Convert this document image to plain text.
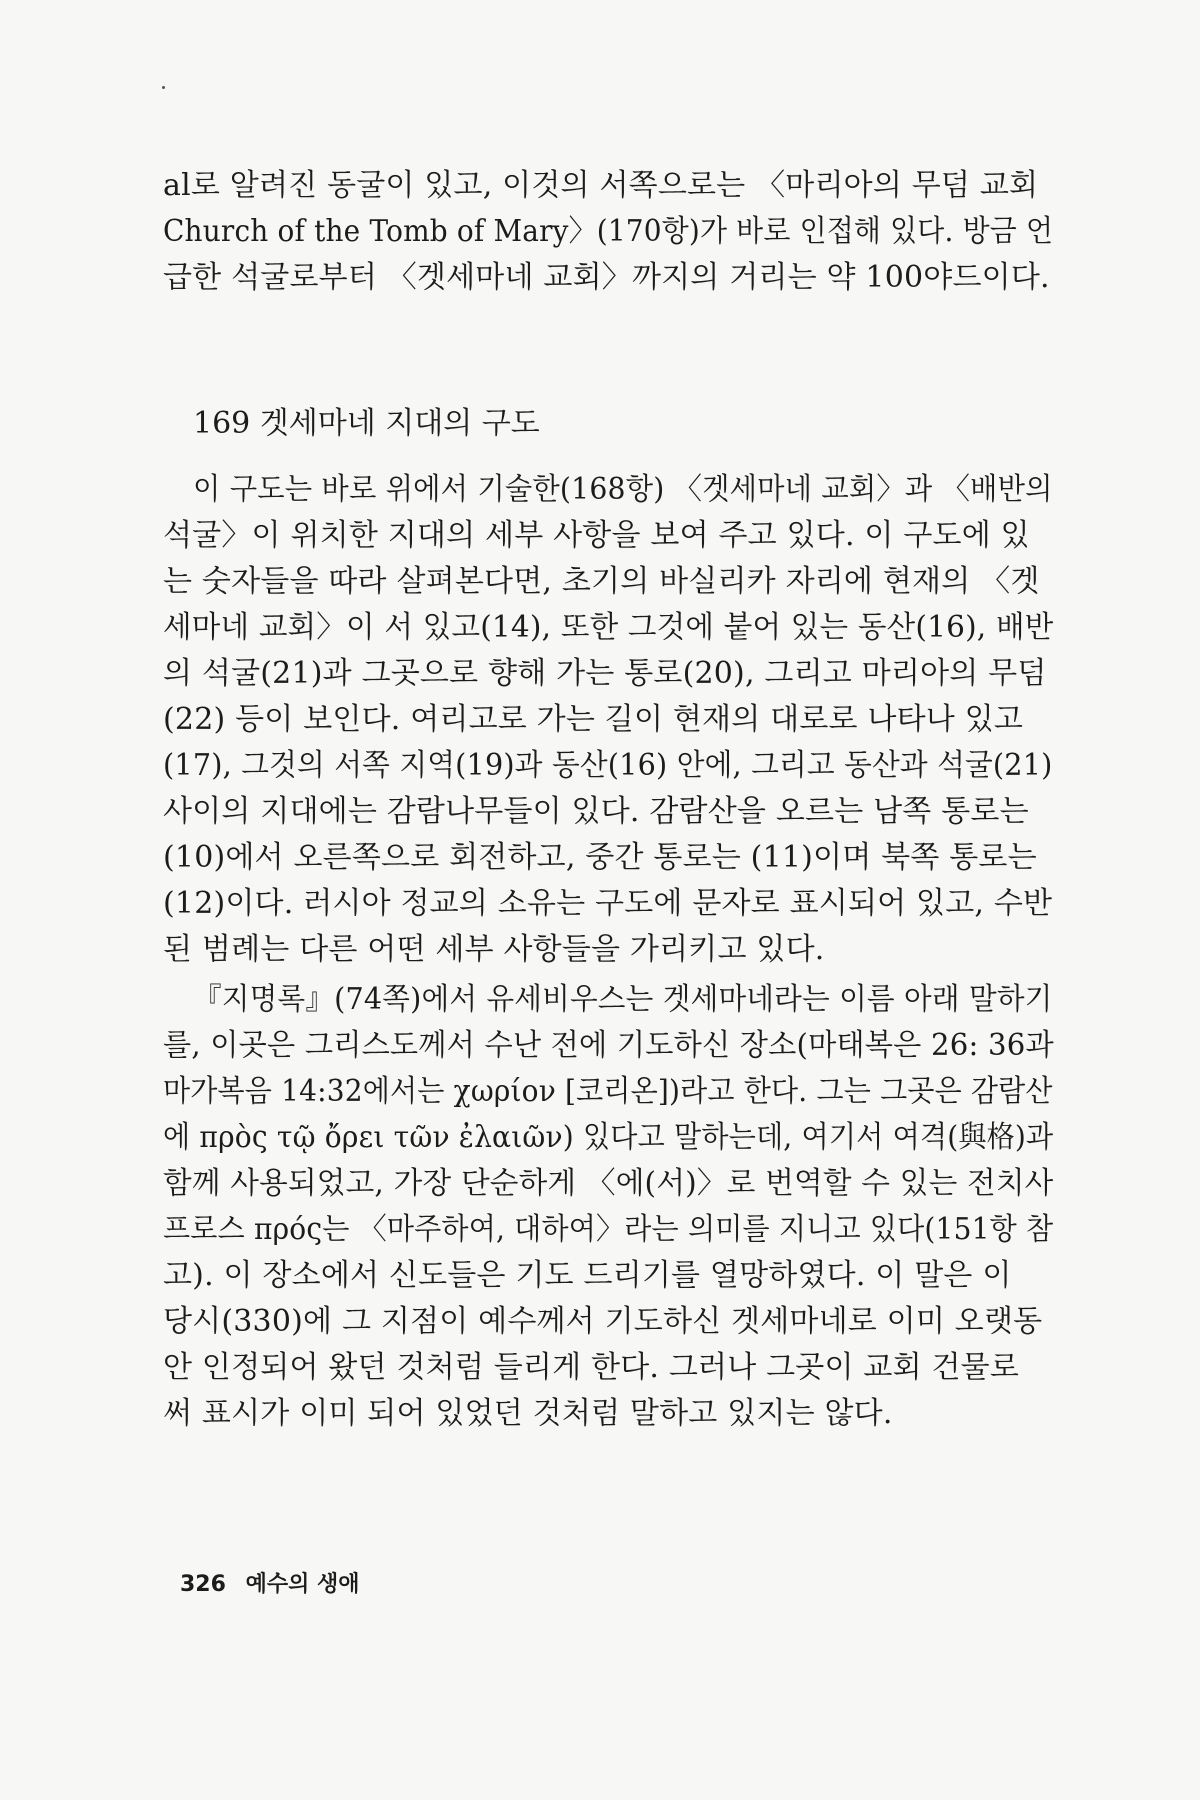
al로 알려진 동굴이 있고, 이것의 서쪽으로는 〈마리아의 무덤 교회
Church of the Tomb of Mary〉(170항)가 바로 인접해 있다. 방금 언
급한 석굴로부터 〈겟세마네 교회〉까지의 거리는 약 100야드이다.
169 겟세마네 지대의 구도
이 구도는 바로 위에서 기술한(168항) 〈겟세마네 교회〉과 〈배반의
석굴〉이 위치한 지대의 세부 사항을 보여 주고 있다. 이 구도에 있
는 숫자들을 따라 살펴본다면, 초기의 바실리카 자리에 현재의 〈겟
세마네 교회〉이 서 있고(14), 또한 그것에 붙어 있는 동산(16), 배반
의 석굴(21)과 그곳으로 향해 가는 통로(20), 그리고 마리아의 무덤
(22) 등이 보인다. 여리고로 가는 길이 현재의 대로로 나타나 있고
(17), 그것의 서쪽 지역(19)과 동산(16) 안에, 그리고 동산과 석굴(21)
사이의 지대에는 감람나무들이 있다. 감람산을 오르는 남쪽 통로는
(10)에서 오른쪽으로 회전하고, 중간 통로는 (11)이며 북쪽 통로는
(12)이다. 러시아 정교의 소유는 구도에 문자로 표시되어 있고, 수반
된 범례는 다른 어떤 세부 사항들을 가리키고 있다.
『지명록』(74쪽)에서 유세비우스는 겟세마네라는 이름 아래 말하기
를, 이곳은 그리스도께서 수난 전에 기도하신 장소(마태복은 26: 36과
마가복음 14:32에서는 χωρίον [코리온])라고 한다. 그는 그곳은 감람산
에 πρὸς τῷ ὄρει τῶν ἐλαιῶν) 있다고 말하는데, 여기서 여격(與格)과
함께 사용되었고, 가장 단순하게 〈에(서)〉로 번역할 수 있는 전치사
프로스 πρός는 〈마주하여, 대하여〉라는 의미를 지니고 있다(151항 참
고). 이 장소에서 신도들은 기도 드리기를 열망하였다. 이 말은 이
당시(330)에 그 지점이 예수께서 기도하신 겟세마네로 이미 오랫동
안 인정되어 왔던 것처럼 들리게 한다. 그러나 그곳이 교회 건물로
써 표시가 이미 되어 있었던 것처럼 말하고 있지는 않다.
326 예수의 생애
